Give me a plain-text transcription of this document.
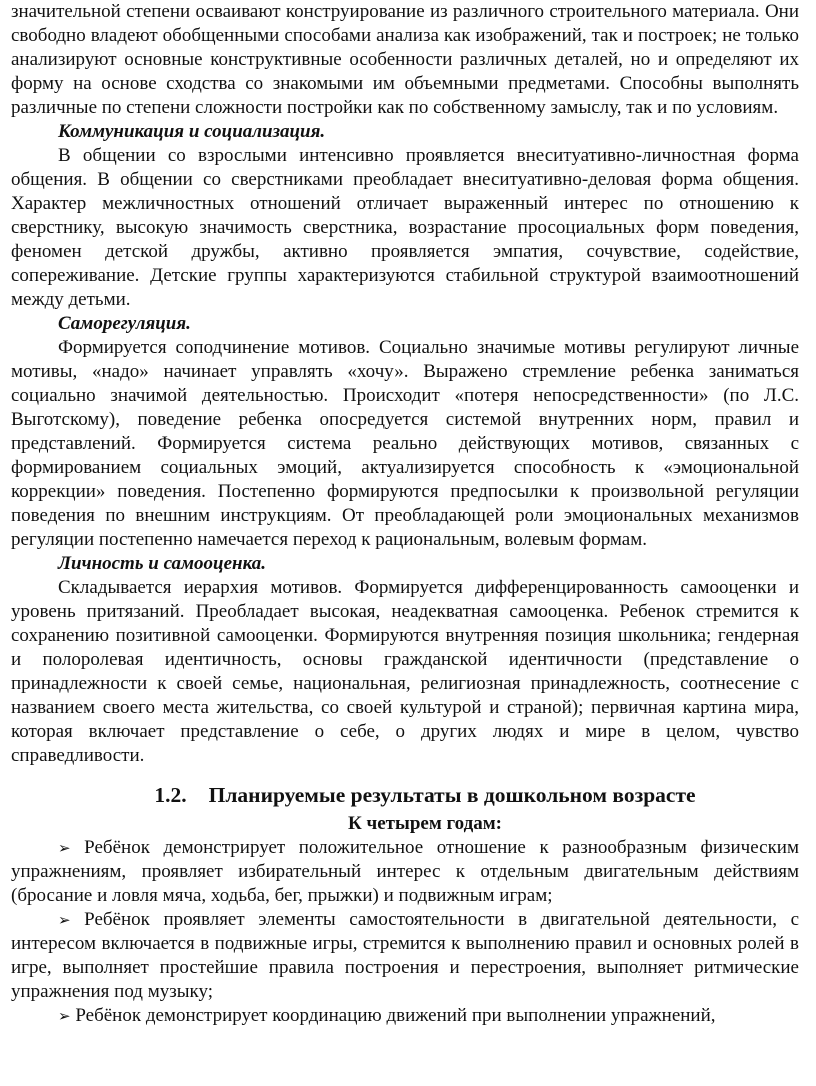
значительной степени осваивают конструирование из различного строительного материала. Они свободно владеют обобщенными способами анализа как изображений, так и построек; не только анализируют основные конструктивные особенности различных деталей, но и определяют их форму на основе сходства со знакомыми им объемными предметами. Способны выполнять различные по степени сложности постройки как по собственному замыслу, так и по условиям.

Коммуникация и социализация.

В общении со взрослыми интенсивно проявляется внеситуативно-личностная форма общения. В общении со сверстниками преобладает внеситуативно-деловая форма общения. Характер межличностных отношений отличает выраженный интерес по отношению к сверстнику, высокую значимость сверстника, возрастание просоциальных форм поведения, феномен детской дружбы, активно проявляется эмпатия, сочувствие, содействие, сопереживание. Детские группы характеризуются стабильной структурой взаимоотношений между детьми.

Саморегуляция.

Формируется соподчинение мотивов. Социально значимые мотивы регулируют личные мотивы, «надо» начинает управлять «хочу». Выражено стремление ребенка заниматься социально значимой деятельностью. Происходит «потеря непосредственности» (по Л.С. Выготскому), поведение ребенка опосредуется системой внутренних норм, правил и представлений. Формируется система реально действующих мотивов, связанных с формированием социальных эмоций, актуализируется способность к «эмоциональной коррекции» поведения. Постепенно формируются предпосылки к произвольной регуляции поведения по внешним инструкциям. От преобладающей роли эмоциональных механизмов регуляции постепенно намечается переход к рациональным, волевым формам.

Личность и самооценка.

Складывается иерархия мотивов. Формируется дифференцированность самооценки и уровень притязаний. Преобладает высокая, неадекватная самооценка. Ребенок стремится к сохранению позитивной самооценки. Формируются внутренняя позиция школьника; гендерная и полоролевая идентичность, основы гражданской идентичности (представление о принадлежности к своей семье, национальная, религиозная принадлежность, соотнесение с названием своего места жительства, со своей культурой и страной); первичная картина мира, которая включает представление о себе, о других людях и мире в целом, чувство справедливости.

1.2. Планируемые результаты в дошкольном возрасте

К четырем годам:

➢ Ребёнок демонстрирует положительное отношение к разнообразным физическим упражнениям, проявляет избирательный интерес к отдельным двигательным действиям (бросание и ловля мяча, ходьба, бег, прыжки) и подвижным играм;

➢ Ребёнок проявляет элементы самостоятельности в двигательной деятельности, с интересом включается в подвижные игры, стремится к выполнению правил и основных ролей в игре, выполняет простейшие правила построения и перестроения, выполняет ритмические упражнения под музыку;

➢ Ребёнок демонстрирует координацию движений при выполнении упражнений,
